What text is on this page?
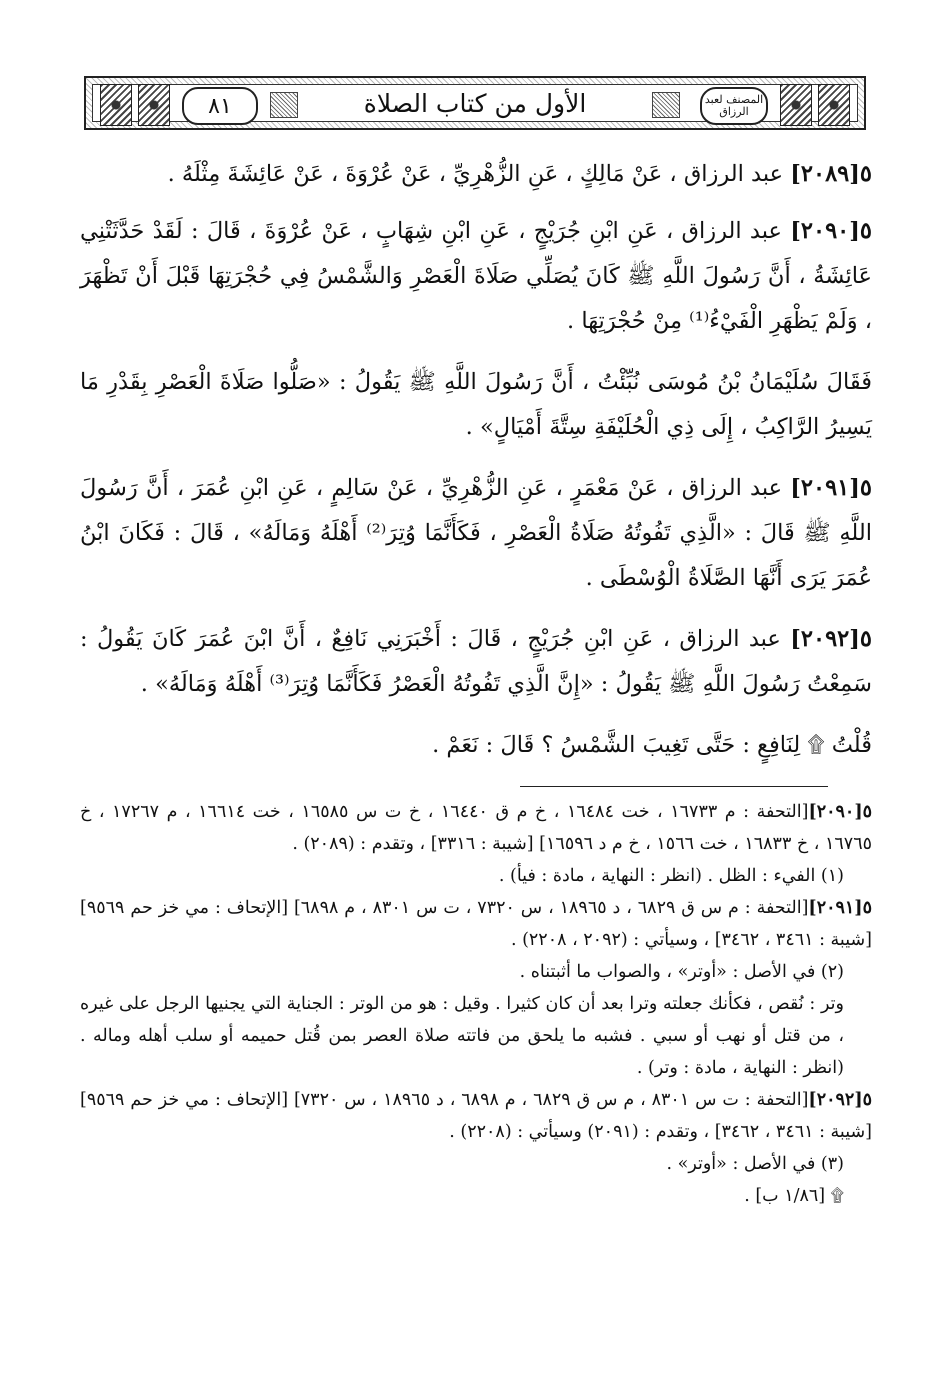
٨١	الأول من كتاب الصلاة	المصنف لعبد الرزاق

٥[٢٠٨٩] عبد الرزاق ، عَنْ مَالِكٍ ، عَنِ الزُّهْرِيِّ ، عَنْ عُرْوَةَ ، عَنْ عَائِشَةَ مِثْلَهُ .

٥[٢٠٩٠] عبد الرزاق ، عَنِ ابْنِ جُرَيْجٍ ، عَنِ ابْنِ شِهَابٍ ، عَنْ عُرْوَةَ ، قَالَ : لَقَدْ حَدَّثَتْنِي عَائِشَةُ ، أَنَّ رَسُولَ اللَّهِ ﷺ كَانَ يُصَلِّي صَلَاةَ الْعَصْرِ وَالشَّمْسُ فِي حُجْرَتِهَا قَبْلَ أَنْ تَظْهَرَ ، وَلَمْ يَظْهَرِ الْفَيْءُ⁽¹⁾ مِنْ حُجْرَتِهَا .

فَقَالَ سُلَيْمَانُ بْنُ مُوسَى نُبِّئْتُ ، أَنَّ رَسُولَ اللَّهِ ﷺ يَقُولُ : «صَلُّوا صَلَاةَ الْعَصْرِ بِقَدْرِ مَا يَسِيرُ الرَّاكِبُ ، إِلَى ذِي الْحُلَيْفَةِ سِتَّةَ أَمْيَالٍ» .

٥[٢٠٩١] عبد الرزاق ، عَنْ مَعْمَرٍ ، عَنِ الزُّهْرِيِّ ، عَنْ سَالِمٍ ، عَنِ ابْنِ عُمَرَ ، أَنَّ رَسُولَ اللَّهِ ﷺ قَالَ : «الَّذِي تَفُوتُهُ صَلَاةُ الْعَصْرِ ، فَكَأَنَّمَا وُتِرَ⁽²⁾ أَهْلَهُ وَمَالَهُ» ، قَالَ : فَكَانَ ابْنُ عُمَرَ يَرَى أَنَّهَا الصَّلَاةُ الْوُسْطَى .

٥[٢٠٩٢] عبد الرزاق ، عَنِ ابْنِ جُرَيْجٍ ، قَالَ : أَخْبَرَنِي نَافِعٌ ، أَنَّ ابْنَ عُمَرَ كَانَ يَقُولُ : سَمِعْتُ رَسُولَ اللَّهِ ﷺ يَقُولُ : «إِنَّ الَّذِي تَفُوتُهُ الْعَصْرُ فَكَأَنَّمَا وُتِرَ⁽³⁾ أَهْلَهُ وَمَالَهُ» .

قُلْتُ ۩ لِنَافِعٍ : حَتَّى تَغِيبَ الشَّمْسُ ؟ قَالَ : نَعَمْ .

٥[٢٠٩٠][التحفة : م ١٦٧٣٣ ، خت ١٦٤٨٤ ، خ م ق ١٦٤٤٠ ، خ ت س ١٦٥٨٥ ، خت ١٦٦١٤ ، م ١٧٢٦٧ ، خ ١٦٧٦٥ ، خ ١٦٨٣٣ ، خت ١٥٦٦ ، خ م د ١٦٥٩٦] [شيبة : ٣٣١٦] ، وتقدم : (٢٠٨٩) .

(١) الفيء : الظل . (انظر : النهاية ، مادة : فيأ) .

٥[٢٠٩١][التحفة : م س ق ٦٨٢٩ ، د ١٨٩٦٥ ، س ٧٣٢٠ ، ت س ٨٣٠١ ، م ٦٨٩٨] [الإتحاف : مي خز حم ٩٥٦٩] [شيبة : ٣٤٦١ ، ٣٤٦٢] ، وسيأتي : (٢٠٩٢ ، ٢٢٠٨) .

(٢) في الأصل : «أوتر» ، والصواب ما أثبتناه .

وتر : نُقص ، فكأنك جعلته وترا بعد أن كان كثيرا . وقيل : هو من الوتر : الجناية التي يجنيها الرجل على غيره ، من قتل أو نهب أو سبي . فشبه ما يلحق من فاتته صلاة العصر بمن قُتل حميمه أو سلب أهله وماله . (انظر : النهاية ، مادة : وتر) .

٥[٢٠٩٢][التحفة : ت س ٨٣٠١ ، م س ق ٦٨٢٩ ، م ٦٨٩٨ ، د ١٨٩٦٥ ، س ٧٣٢٠] [الإتحاف : مي خز حم ٩٥٦٩] [شيبة : ٣٤٦١ ، ٣٤٦٢] ، وتقدم : (٢٠٩١) وسيأتي : (٢٢٠٨) .

(٣) في الأصل : «أوتر» .

۩ [١/٨٦ ب] .
